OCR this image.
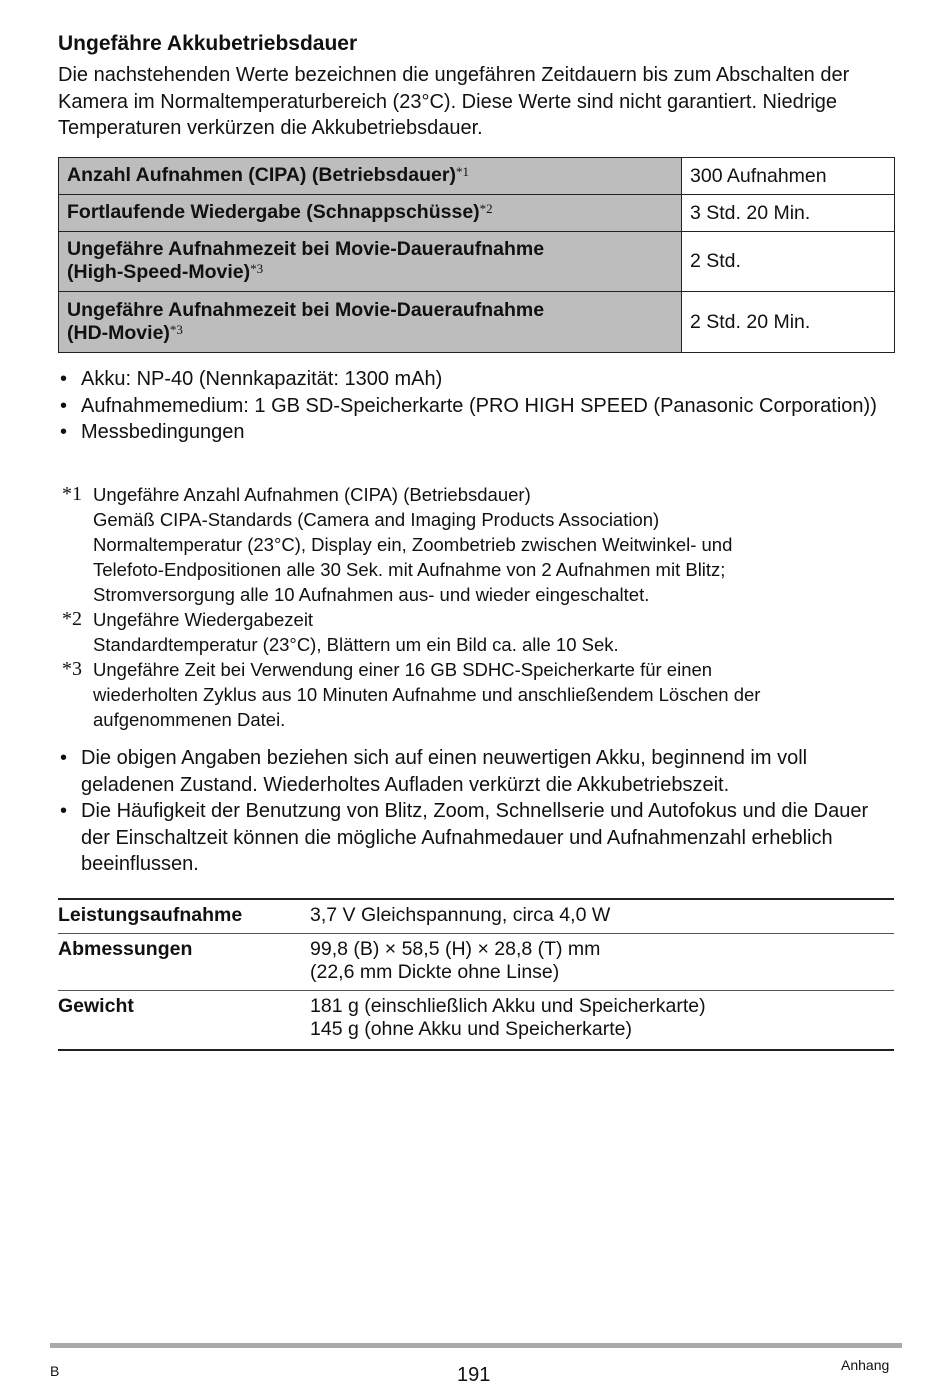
Ungefähre Akkubetriebsdauer
Die nachstehenden Werte bezeichnen die ungefähren Zeitdauern bis zum Abschalten der Kamera im Normaltemperaturbereich (23°C). Diese Werte sind nicht garantiert. Niedrige Temperaturen verkürzen die Akkubetriebsdauer.
Anzahl Aufnahmen (CIPA) (Betriebsdauer)$^{*1}$	300 Aufnahmen
Fortlaufende Wiedergabe (Schnappschüsse)$^{*2}$	3 Std. 20 Min.
Ungefähre Aufnahmezeit bei Movie-Daueraufnahme
(High-Speed-Movie)$^{*3}$	2 Std.
Ungefähre Aufnahmezeit bei Movie-Daueraufnahme
(HD-Movie)$^{*3}$	2 Std. 20 Min.
• Akku: NP-40 (Nennkapazität: 1300 mAh)
• Aufnahmemedium: 1 GB SD-Speicherkarte (PRO HIGH SPEED (Panasonic Corporation))
• Messbedingungen
*1 Ungefähre Anzahl Aufnahmen (CIPA) (Betriebsdauer)
Gemäß CIPA-Standards (Camera and Imaging Products Association)
Normaltemperatur (23°C), Display ein, Zoombetrieb zwischen Weitwinkel- und
Telefoto-Endpositionen alle 30 Sek. mit Aufnahme von 2 Aufnahmen mit Blitz;
Stromversorgung alle 10 Aufnahmen aus- und wieder eingeschaltet.
*2 Ungefähre Wiedergabezeit
Standardtemperatur (23°C), Blättern um ein Bild ca. alle 10 Sek.
*3 Ungefähre Zeit bei Verwendung einer 16 GB SDHC-Speicherkarte für einen
wiederholten Zyklus aus 10 Minuten Aufnahme und anschließendem Löschen der
aufgenommenen Datei.
• Die obigen Angaben beziehen sich auf einen neuwertigen Akku, beginnend im voll geladenen Zustand. Wiederholtes Aufladen verkürzt die Akkubetriebszeit.
• Die Häufigkeit der Benutzung von Blitz, Zoom, Schnellserie und Autofokus und die Dauer der Einschaltzeit können die mögliche Aufnahmedauer und Aufnahmenzahl erheblich beeinflussen.
Leistungsaufnahme	3,7 V Gleichspannung, circa 4,0 W

Abmessungen	99,8 (B) × 58,5 (H) × 28,8 (T) mm
(22,6 mm Dickte ohne Linse)

Gewicht	181 g (einschließlich Akku und Speicherkarte)
145 g (ohne Akku und Speicherkarte)
B	191	Anhang
